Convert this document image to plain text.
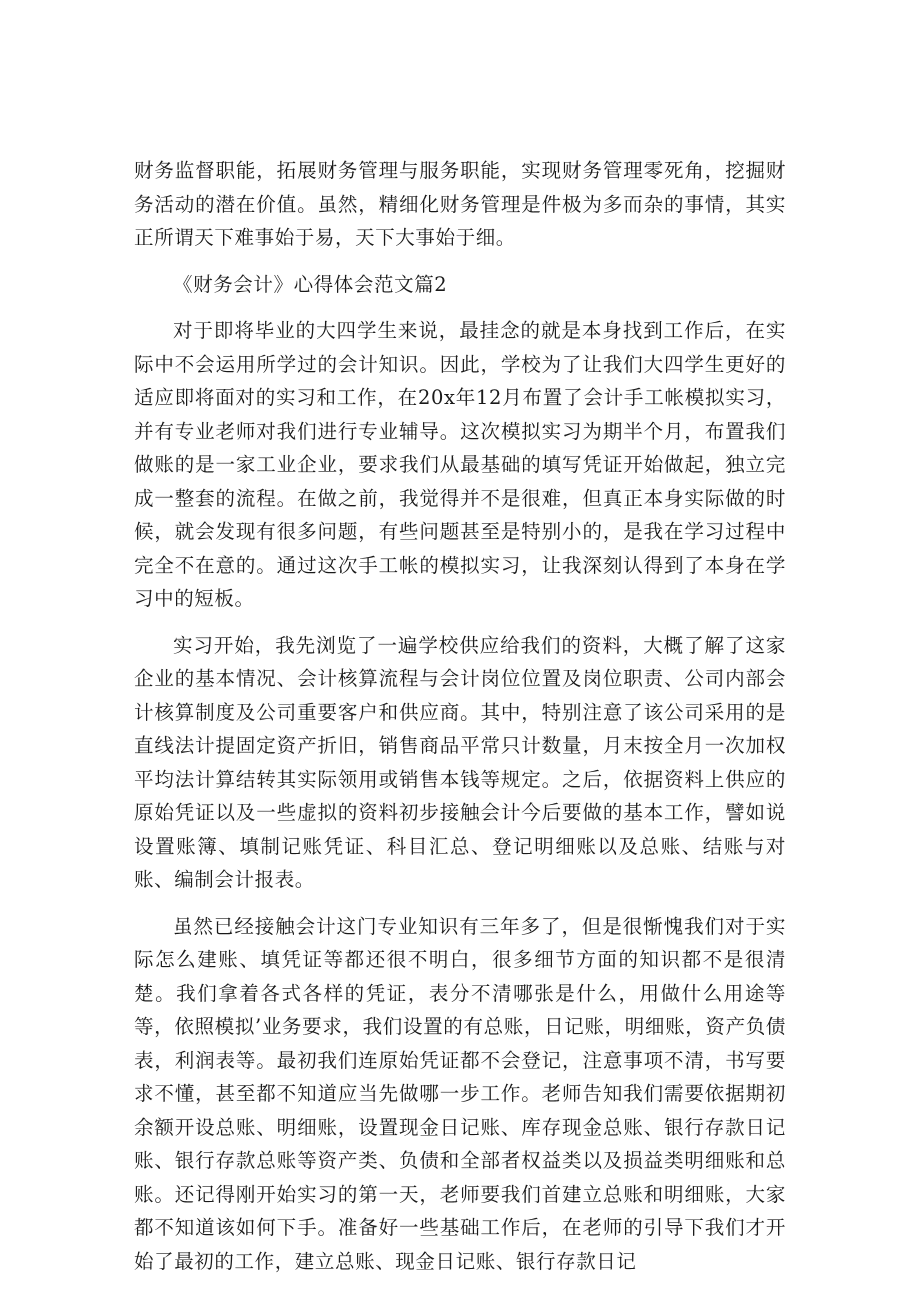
财务监督职能，拓展财务管理与服务职能，实现财务管理零死角，挖掘财务活动的潜在价值。虽然，精细化财务管理是件极为多而杂的事情，其实正所谓天下难事始于易，天下大事始于细。

《财务会计》心得体会范文篇2

对于即将毕业的大四学生来说，最挂念的就是本身找到工作后，在实际中不会运用所学过的会计知识。因此，学校为了让我们大四学生更好的适应即将面对的实习和工作，在20x年12月布置了会计手工帐模拟实习，并有专业老师对我们进行专业辅导。这次模拟实习为期半个月，布置我们做账的是一家工业企业，要求我们从最基础的填写凭证开始做起，独立完成一整套的流程。在做之前，我觉得并不是很难，但真正本身实际做的时候，就会发现有很多问题，有些问题甚至是特别小的，是我在学习过程中完全不在意的。通过这次手工帐的模拟实习，让我深刻认得到了本身在学习中的短板。

实习开始，我先浏览了一遍学校供应给我们的资料，大概了解了这家企业的基本情况、会计核算流程与会计岗位位置及岗位职责、公司内部会计核算制度及公司重要客户和供应商。其中，特别注意了该公司采用的是直线法计提固定资产折旧，销售商品平常只计数量，月末按全月一次加权平均法计算结转其实际领用或销售本钱等规定。之后，依据资料上供应的原始凭证以及一些虚拟的资料初步接触会计今后要做的基本工作，譬如说设置账簿、填制记账凭证、科目汇总、登记明细账以及总账、结账与对账、编制会计报表。

虽然已经接触会计这门专业知识有三年多了，但是很惭愧我们对于实际怎么建账、填凭证等都还很不明白，很多细节方面的知识都不是很清楚。我们拿着各式各样的凭证，表分不清哪张是什么，用做什么用途等等，依照模拟’业务要求，我们设置的有总账，日记账，明细账，资产负债表，利润表等。最初我们连原始凭证都不会登记，注意事项不清，书写要求不懂，甚至都不知道应当先做哪一步工作。老师告知我们需要依据期初余额开设总账、明细账，设置现金日记账、库存现金总账、银行存款日记账、银行存款总账等资产类、负债和全部者权益类以及损益类明细账和总账。还记得刚开始实习的第一天，老师要我们首建立总账和明细账，大家都不知道该如何下手。准备好一些基础工作后，在老师的引导下我们才开始了最初的工作，建立总账、现金日记账、银行存款日记
